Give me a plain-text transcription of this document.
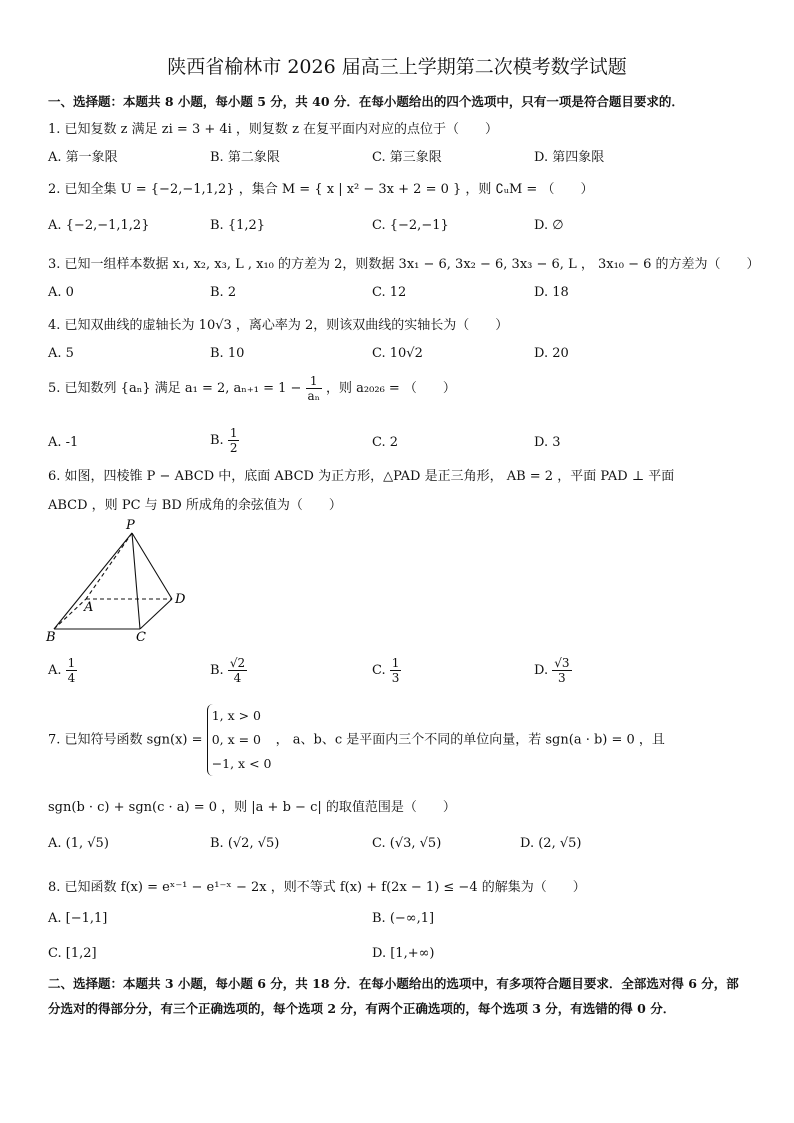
陕西省榆林市 2026 届高三上学期第二次模考数学试题
一、选择题：本题共 8 小题，每小题 5 分，共 40 分．在每小题给出的四个选项中，只有一项是符合题目要求的．
1. 已知复数 z 满足 zi = 3 + 4i ，则复数 z 在复平面内对应的点位于（　　）
A. 第一象限	B. 第二象限	C. 第三象限	D. 第四象限
2. 已知全集 U = {−2,−1,1,2} ，集合 M = { x | x² − 3x + 2 = 0 } ，则 ∁ᵤM = （　　）
A. {−2,−1,1,2}	B. {1,2}	C. {−2,−1}	D. ∅
3. 已知一组样本数据 x₁, x₂, x₃, L , x₁₀ 的方差为 2，则数据 3x₁ − 6, 3x₂ − 6, 3x₃ − 6, L ， 3x₁₀ − 6 的方差为（　　）
A. 0	B. 2	C. 12	D. 18
4. 已知双曲线的虚轴长为 10√3 ，离心率为 2，则该双曲线的实轴长为（　　）
A. 5	B. 10	C. 10√2	D. 20
5. 已知数列 {aₙ} 满足 a₁ = 2, $a_{n+1} = 1 - \frac{1}{\text{aₙ}}$ ，则 a₂₀₂₆ = （　　）
A. -1	B. $\frac{1}{2}$	C. 2	D. 3
6. 如图，四棱锥 P − ABCD 中，底面 ABCD 为正方形，△PAD 是正三角形， AB = 2 ，平面 PAD ⊥ 平面
ABCD ，则 PC 与 BD 所成角的余弦值为（　　）
P
A
B	C
D
A. $\frac{1}{4}$	B. $\frac{√2}{4}$	C. $\frac{1}{3}$	D. $\frac{√3}{3}$
7. 已知符号函数 sgn(x) =
1, x > 0
0, x = 0
−1, x < 0
， a、b、c 是平面内三个不同的单位向量，若 sgn(a · b) = 0 ，且
sgn(b · c) + sgn(c · a) = 0 ，则 |a + b − c| 的取值范围是（　　）
A. (1, √5)	B. (√2, √5)	C. (√3, √5)	D. (2, √5)
8. 已知函数 f(x) = eˣ⁻¹ − e¹⁻ˣ − 2x ，则不等式 f(x) + f(2x − 1) ≤ −4 的解集为（　　）
A. [−1,1]	B. (−∞,1]
C. [1,2]	D. [1,+∞)
二、选择题：本题共 3 小题，每小题 6 分，共 18 分．在每小题给出的选项中，有多项符合题目要求．全部选对得 6 分，部分选对的得部分分，有三个正确选项的，每个选项 2 分，有两个正确选项的，每个选项 3 分，有选错的得 0 分．
